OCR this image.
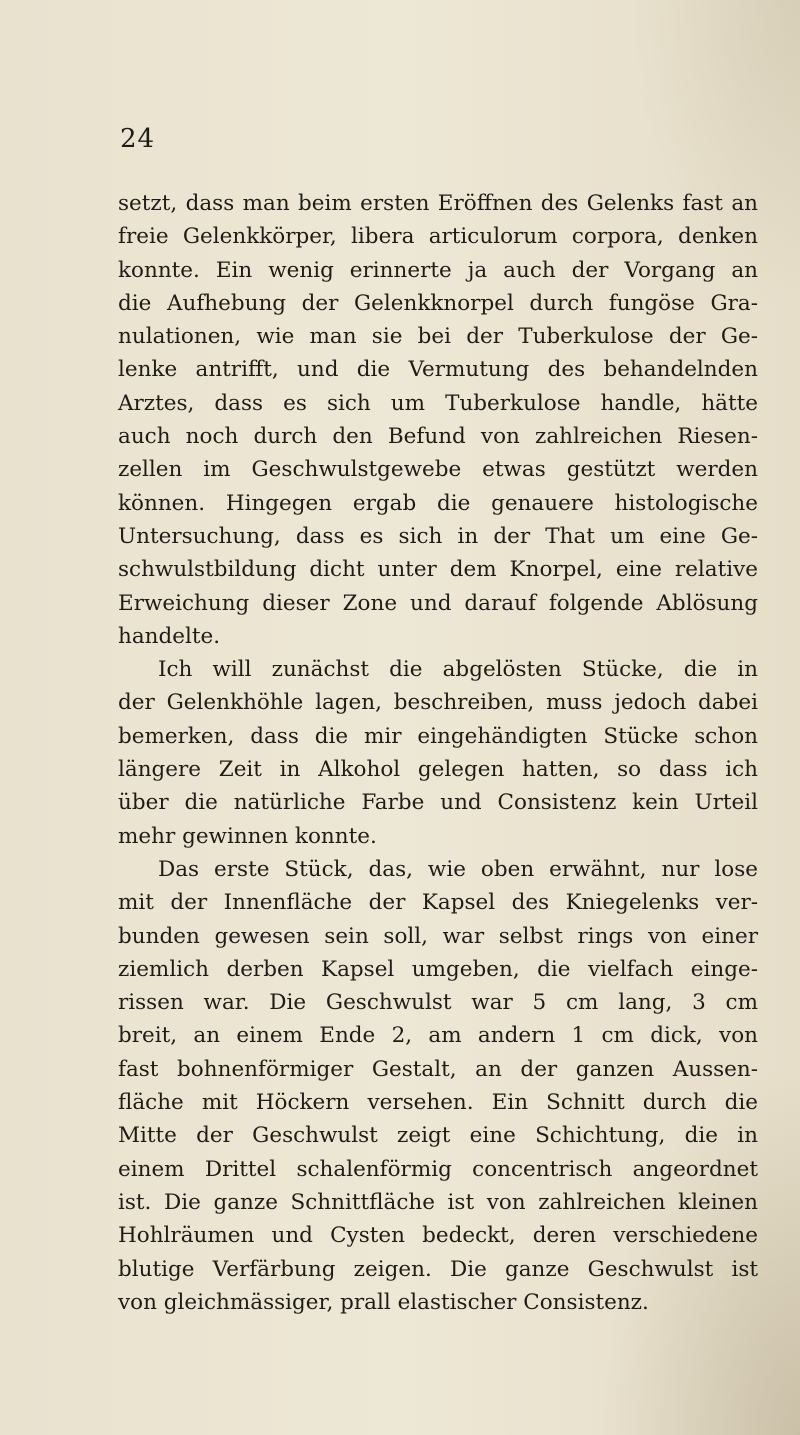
24
setzt, dass man beim ersten Eröffnen des Gelenks fast an
freie Gelenkkörper, libera articulorum corpora, denken
konnte. Ein wenig erinnerte ja auch der Vorgang an
die Aufhebung der Gelenkknorpel durch fungöse Gra-
nulationen, wie man sie bei der Tuberkulose der Ge-
lenke antrifft, und die Vermutung des behandelnden
Arztes, dass es sich um Tuberkulose handle, hätte
auch noch durch den Befund von zahlreichen Riesen-
zellen im Geschwulstgewebe etwas gestützt werden
können. Hingegen ergab die genauere histologische
Untersuchung, dass es sich in der That um eine Ge-
schwulstbildung dicht unter dem Knorpel, eine relative
Erweichung dieser Zone und darauf folgende Ablösung
handelte.
Ich will zunächst die abgelösten Stücke, die in
der Gelenkhöhle lagen, beschreiben, muss jedoch dabei
bemerken, dass die mir eingehändigten Stücke schon
längere Zeit in Alkohol gelegen hatten, so dass ich
über die natürliche Farbe und Consistenz kein Urteil
mehr gewinnen konnte.
Das erste Stück, das, wie oben erwähnt, nur lose
mit der Innenfläche der Kapsel des Kniegelenks ver-
bunden gewesen sein soll, war selbst rings von einer
ziemlich derben Kapsel umgeben, die vielfach einge-
rissen war. Die Geschwulst war 5 cm lang, 3 cm
breit, an einem Ende 2, am andern 1 cm dick, von
fast bohnenförmiger Gestalt, an der ganzen Aussen-
fläche mit Höckern versehen. Ein Schnitt durch die
Mitte der Geschwulst zeigt eine Schichtung, die in
einem Drittel schalenförmig concentrisch angeordnet
ist. Die ganze Schnittfläche ist von zahlreichen kleinen
Hohlräumen und Cysten bedeckt, deren verschiedene
blutige Verfärbung zeigen. Die ganze Geschwulst ist
von gleichmässiger, prall elastischer Consistenz.
